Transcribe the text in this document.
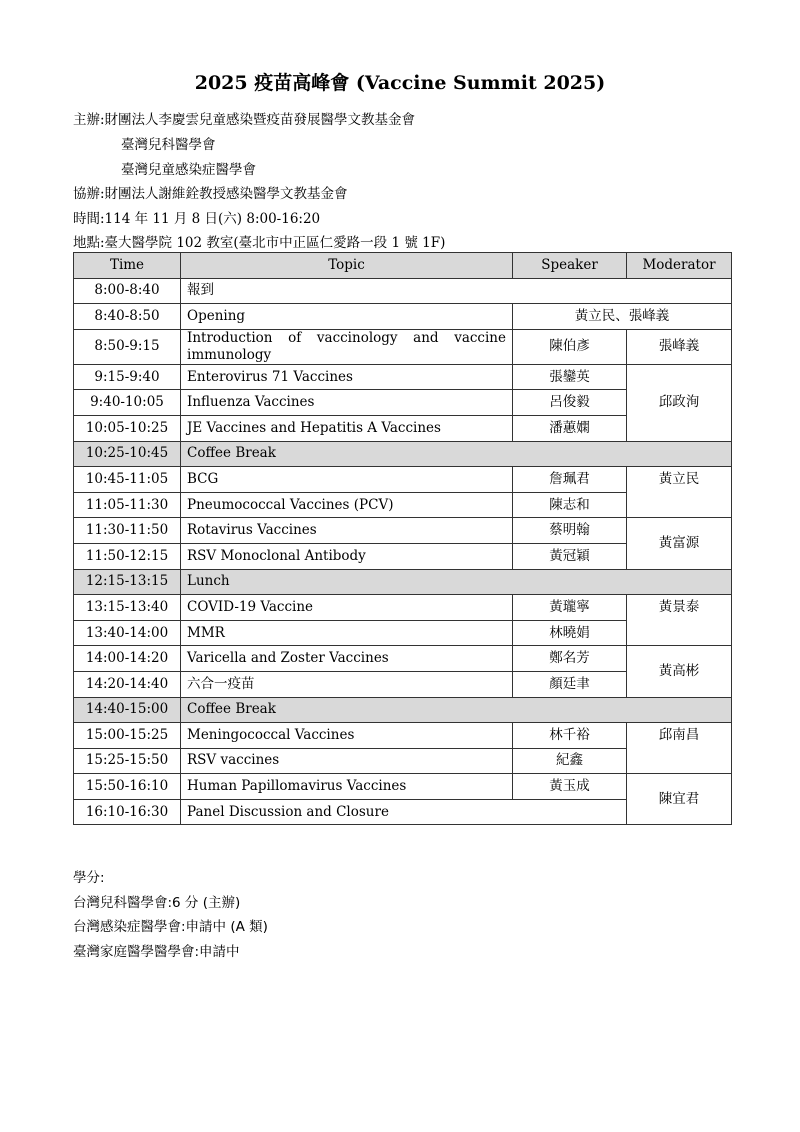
2025 疫苗高峰會 (Vaccine Summit 2025)
主辦:財團法人李慶雲兒童感染暨疫苗發展醫學文教基金會
臺灣兒科醫學會
臺灣兒童感染症醫學會
協辦:財團法人謝維銓教授感染醫學文教基金會
時間:114 年 11 月 8 日(六) 8:00-16:20
地點:臺大醫學院 102 教室(臺北市中正區仁愛路一段 1 號 1F)
Time	Topic	Speaker	Moderator
8:00-8:40	報到		
8:40-8:50	Opening	黃立民、張峰義	
8:50-9:15	Introduction of vaccinology and vaccine
immunology	陳伯彥	張峰義
9:15-9:40	Enterovirus 71 Vaccines	張鑾英	邱政洵
9:40-10:05	Influenza Vaccines	呂俊毅	
10:05-10:25	JE Vaccines and Hepatitis A Vaccines	潘蕙嫻	
10:25-10:45	Coffee Break		
10:45-11:05	BCG	詹珮君	黃立民
11:05-11:30	Pneumococcal Vaccines (PCV)	陳志和	
11:30-11:50	Rotavirus Vaccines	蔡明翰	黃富源
11:50-12:15	RSV Monoclonal Antibody	黃冠穎	
12:15-13:15	Lunch		
13:15-13:40	COVID-19 Vaccine	黃瓏寧	黃景泰
13:40-14:00	MMR	林曉娟	
14:00-14:20	Varicella and Zoster Vaccines	鄭名芳	黃高彬
14:20-14:40	六合一疫苗	顏廷聿	
14:40-15:00	Coffee Break		
15:00-15:25	Meningococcal Vaccines	林千裕	邱南昌
15:25-15:50	RSV vaccines	紀鑫	
15:50-16:10	Human Papillomavirus Vaccines	黃玉成	陳宜君
16:10-16:30	Panel Discussion and Closure		
學分:
台灣兒科醫學會:6 分 (主辦)
台灣感染症醫學會:申請中 (A 類)
臺灣家庭醫學醫學會:申請中
